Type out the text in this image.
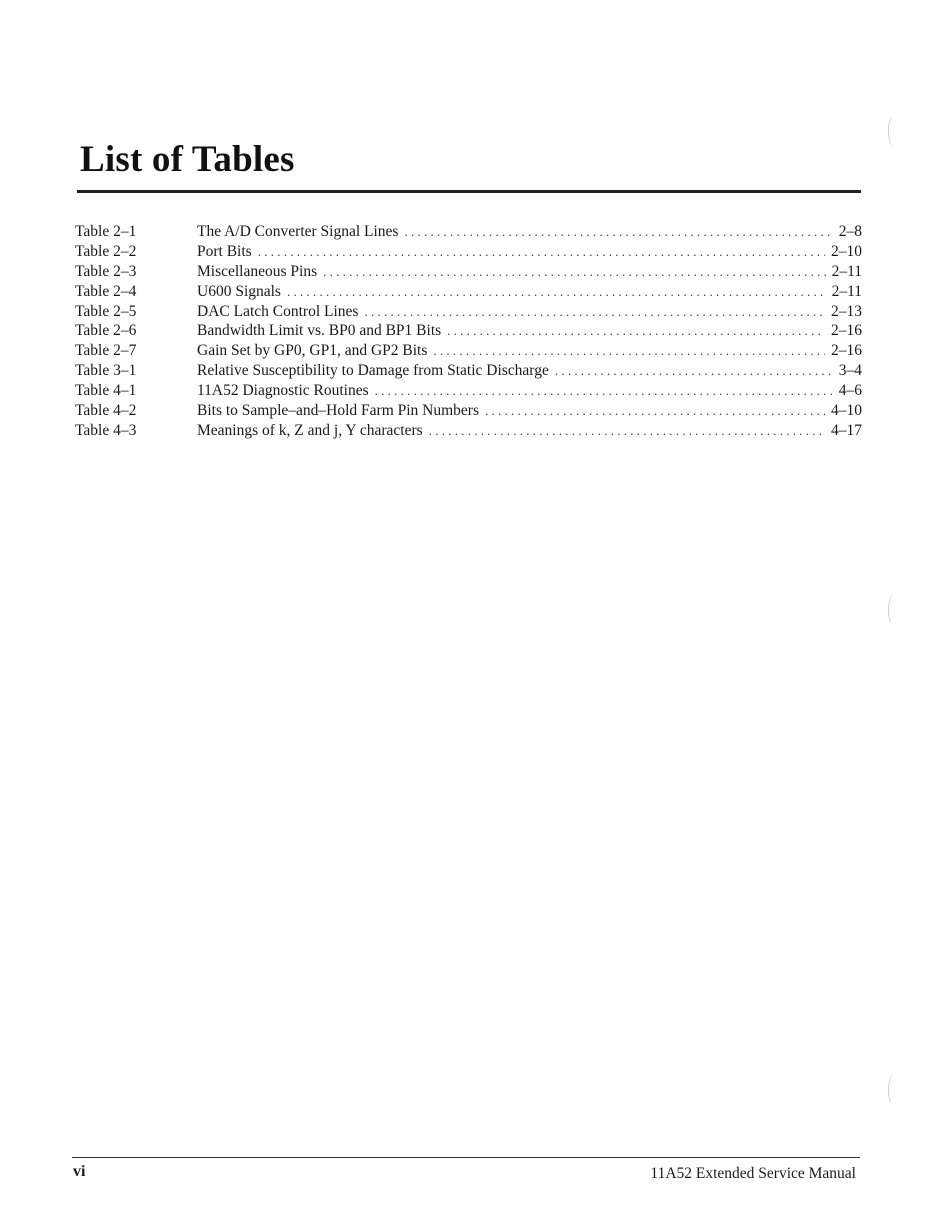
List of Tables
Table 2–1	The A/D Converter Signal Lines . . .	2–8
Table 2–2	Port Bits . . .	2–10
Table 2–3	Miscellaneous Pins . . .	2–11
Table 2–4	U600 Signals . . .	2–11
Table 2–5	DAC Latch Control Lines . . .	2–13
Table 2–6	Bandwidth Limit vs. BP0 and BP1 Bits . . .	2–16
Table 2–7	Gain Set by GP0, GP1, and GP2 Bits . . .	2–16
Table 3–1	Relative Susceptibility to Damage from Static Discharge . . .	3–4
Table 4–1	11A52 Diagnostic Routines . . .	4–6
Table 4–2	Bits to Sample–and–Hold Farm Pin Numbers . . .	4–10
Table 4–3	Meanings of k, Z and j, Y characters . . .	4–17
vi	11A52 Extended Service Manual
